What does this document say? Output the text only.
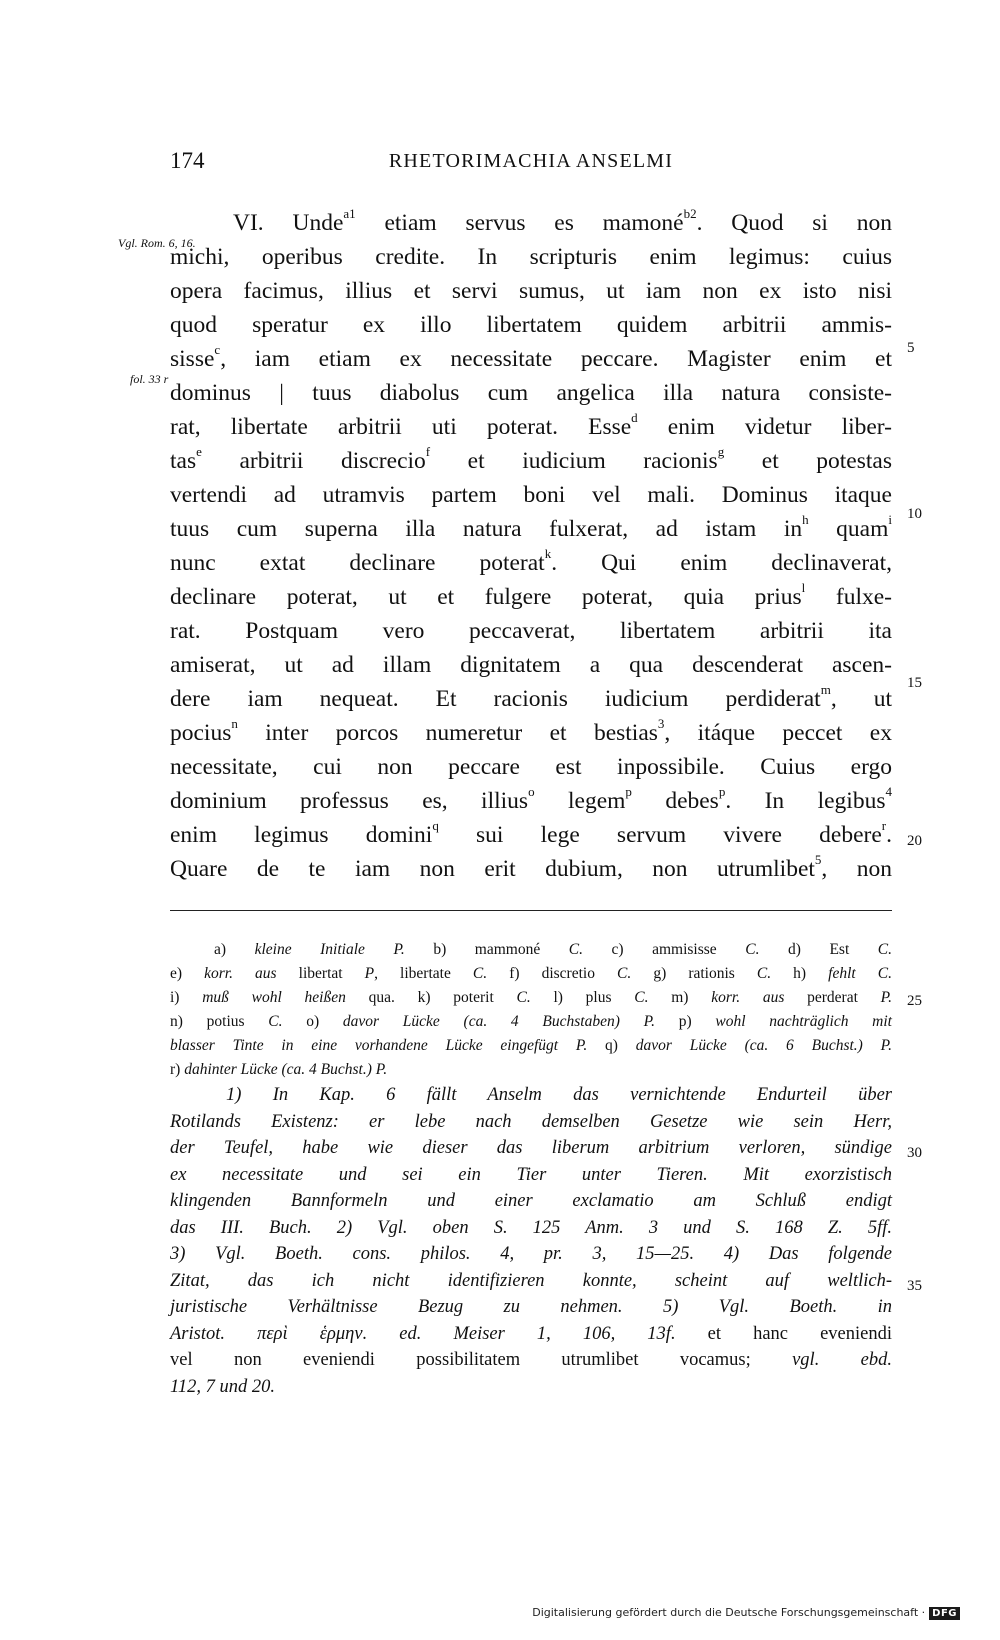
174	RHETORIMACHIA ANSELMI
Vgl. Rom. 6, 16.
fol. 33 r
VI. Unde$^{a1}$ etiam servus es mamoné$^{b2}$. Quod si non
michi, operibus credite. In scripturis enim legimus: cuius
opera facimus, illius et servi sumus, ut iam non ex isto nisi
quod speratur ex illo libertatem quidem arbitrii ammis-
sisse$^c$, iam etiam ex necessitate peccare. Magister enim et
dominus | tuus diabolus cum angelica illa natura consiste-
rat, libertate arbitrii uti poterat. Esse$^d$ enim videtur liber-
tas$^e$ arbitrii discrecio$^f$ et iudicium racionis$^g$ et potestas
vertendi ad utramvis partem boni vel mali. Dominus itaque
tuus cum superna illa natura fulxerat, ad istam $in^h$ quam$^i$
nunc extat declinare poterat$^k$. Qui enim declinaverat,
declinare poterat, ut et fulgere poterat, quia prius$^l$ fulxe-
rat. Postquam vero peccaverat, libertatem arbitrii ita
amiserat, ut ad illam dignitatem a qua descenderat ascen-
dere iam nequeat. Et racionis iudicium perdiderat$^m$, ut
pocius$^n$ inter porcos numeretur et bestias$^3$, itáque peccet ex
necessitate, cui non peccare est inpossibile. Cuius ergo
dominium professus es, illius$^o$ legem$^p$ debes$^p$. In legibus$^4$
enim legimus domini$^q$ sui lege servum vivere debere$^r$.
Quare de te iam non erit dubium, non utrumlibet$^5$, non
5
10
15
20
25
30
35
a) kleine Initiale P. b) mammoné C. c) ammisisse C. d) Est C.
e) korr. aus libertat P, libertate C. f) discretio C. g) rationis C. h) fehlt C.
i) muß wohl heißen qua. k) poterit C. l) plus C. m) korr. aus perderat P.
n) potius C. o) davor Lücke (ca. 4 Buchstaben) P. p) wohl nachträglich mit
blasser Tinte in eine vorhandene Lücke eingefügt P. q) davor Lücke (ca. 6 Buchst.) P.
r) dahinter Lücke (ca. 4 Buchst.) P.
1) In Kap. 6 fällt Anselm das vernichtende Endurteil über
Rotilands Existenz: er lebe nach demselben Gesetze wie sein Herr,
der Teufel, habe wie dieser das liberum arbitrium verloren, sündige
ex necessitate und sei ein Tier unter Tieren. Mit exorzistisch
klingenden Bannformeln und einer exclamatio am Schluß endigt
das III. Buch. 2) Vgl. oben S. 125 Anm. 3 und S. 168 Z. 5ff.
3) Vgl. Boeth. cons. philos. 4, pr. 3, 15—25. 4) Das folgende
Zitat, das ich nicht identifizieren konnte, scheint auf weltlich-
juristische Verhältnisse Bezug zu nehmen. 5) Vgl. Boeth. in
Aristot. περὶ ἑρμην. ed. Meiser 1, 106, 13f. et hanc eveniendi
vel non eveniendi possibilitatem utrumlibet vocamus; vgl. ebd.
112, 7 und 20.
Digitalisierung gefördert durch die Deutsche Forschungsgemeinschaft · DFG
